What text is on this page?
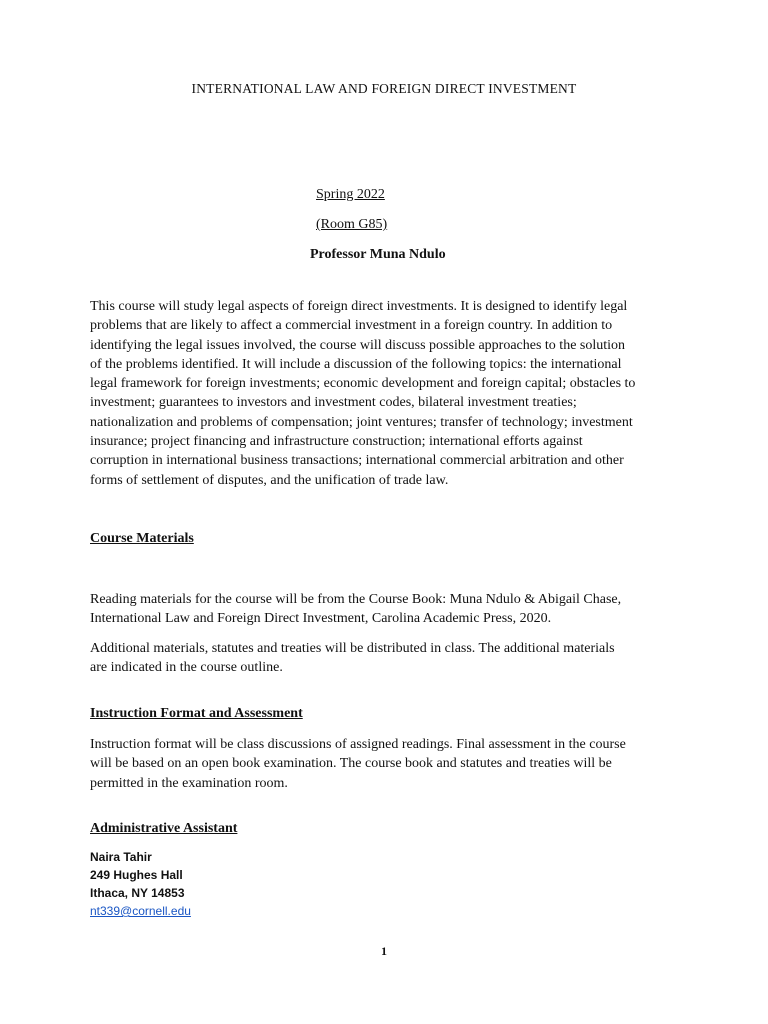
INTERNATIONAL LAW AND FOREIGN DIRECT INVESTMENT
Spring 2022
(Room G85)
Professor Muna Ndulo
This course will study legal aspects of foreign direct investments. It is designed to identify legal
problems that are likely to affect a commercial investment in a foreign country. In addition to
identifying the legal issues involved, the course will discuss possible approaches to the solution
of the problems identified. It will include a discussion of the following topics: the international
legal framework for foreign investments; economic development and foreign capital; obstacles to
investment; guarantees to investors and investment codes, bilateral investment treaties;
nationalization and problems of compensation; joint ventures; transfer of technology; investment
insurance; project financing and infrastructure construction; international efforts against
corruption in international business transactions; international commercial arbitration and other
forms of settlement of disputes, and the unification of trade law.
Course Materials
Reading materials for the course will be from the Course Book: Muna Ndulo & Abigail Chase,
International Law and Foreign Direct Investment, Carolina Academic Press, 2020.
Additional materials, statutes and treaties will be distributed in class. The additional materials
are indicated in the course outline.
Instruction Format and Assessment
Instruction format will be class discussions of assigned readings. Final assessment in the course
will be based on an open book examination. The course book and statutes and treaties will be
permitted in the examination room.
Administrative Assistant
Naira Tahir
249 Hughes Hall
Ithaca, NY 14853
nt339@cornell.edu
1
